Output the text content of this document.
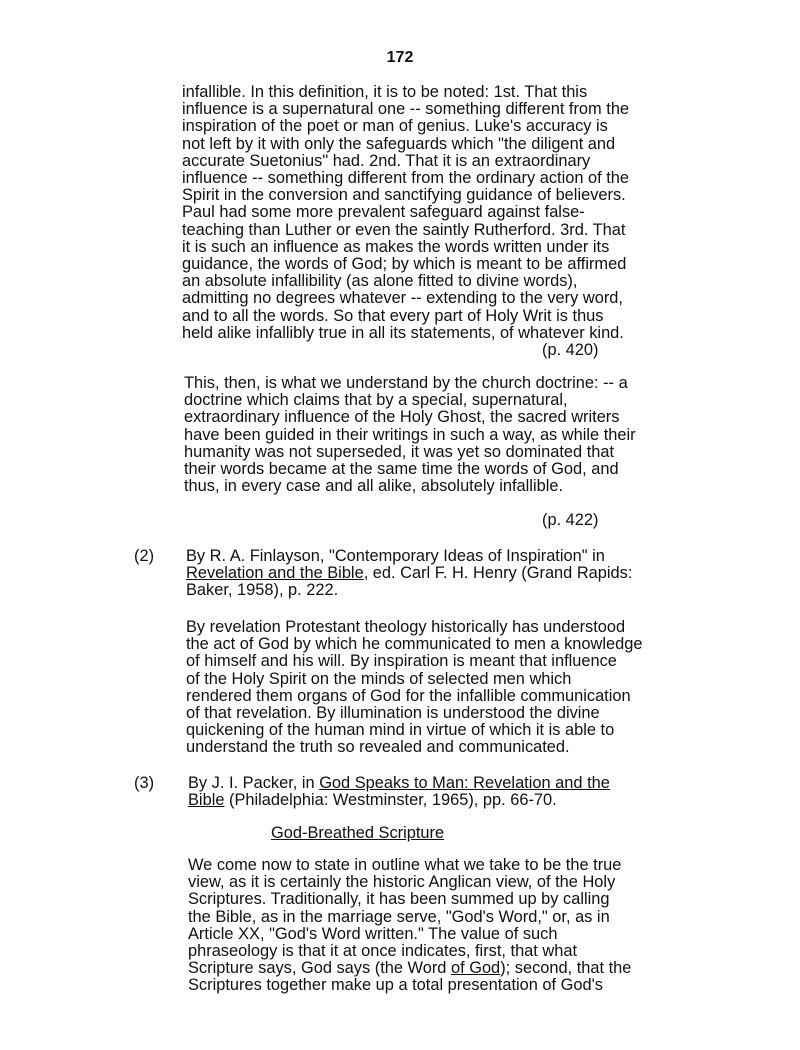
172
infallible. In this definition, it is to be noted: 1st. That this
influence is a supernatural one -- something different from the
inspiration of the poet or man of genius. Luke's accuracy is
not left by it with only the safeguards which "the diligent and
accurate Suetonius" had. 2nd. That it is an extraordinary
influence -- something different from the ordinary action of the
Spirit in the conversion and sanctifying guidance of believers.
Paul had some more prevalent safeguard against false-
teaching than Luther or even the saintly Rutherford. 3rd. That
it is such an influence as makes the words written under its
guidance, the words of God; by which is meant to be affirmed
an absolute infallibility (as alone fitted to divine words),
admitting no degrees whatever -- extending to the very word,
and to all the words. So that every part of Holy Writ is thus
held alike infallibly true in all its statements, of whatever kind.
(p. 420)
This, then, is what we understand by the church doctrine: -- a
doctrine which claims that by a special, supernatural,
extraordinary influence of the Holy Ghost, the sacred writers
have been guided in their writings in such a way, as while their
humanity was not superseded, it was yet so dominated that
their words became at the same time the words of God, and
thus, in every case and all alike, absolutely infallible.
(p. 422)
(2) By R. A. Finlayson, "Contemporary Ideas of Inspiration" in
Revelation and the Bible, ed. Carl F. H. Henry (Grand Rapids:
Baker, 1958), p. 222.
By revelation Protestant theology historically has understood
the act of God by which he communicated to men a knowledge
of himself and his will. By inspiration is meant that influence
of the Holy Spirit on the minds of selected men which
rendered them organs of God for the infallible communication
of that revelation. By illumination is understood the divine
quickening of the human mind in virtue of which it is able to
understand the truth so revealed and communicated.
(3) By J. I. Packer, in God Speaks to Man: Revelation and the
Bible (Philadelphia: Westminster, 1965), pp. 66-70.
God-Breathed Scripture
We come now to state in outline what we take to be the true
view, as it is certainly the historic Anglican view, of the Holy
Scriptures. Traditionally, it has been summed up by calling
the Bible, as in the marriage serve, "God's Word," or, as in
Article XX, "God's Word written." The value of such
phraseology is that it at once indicates, first, that what
Scripture says, God says (the Word of God); second, that the
Scriptures together make up a total presentation of God's
